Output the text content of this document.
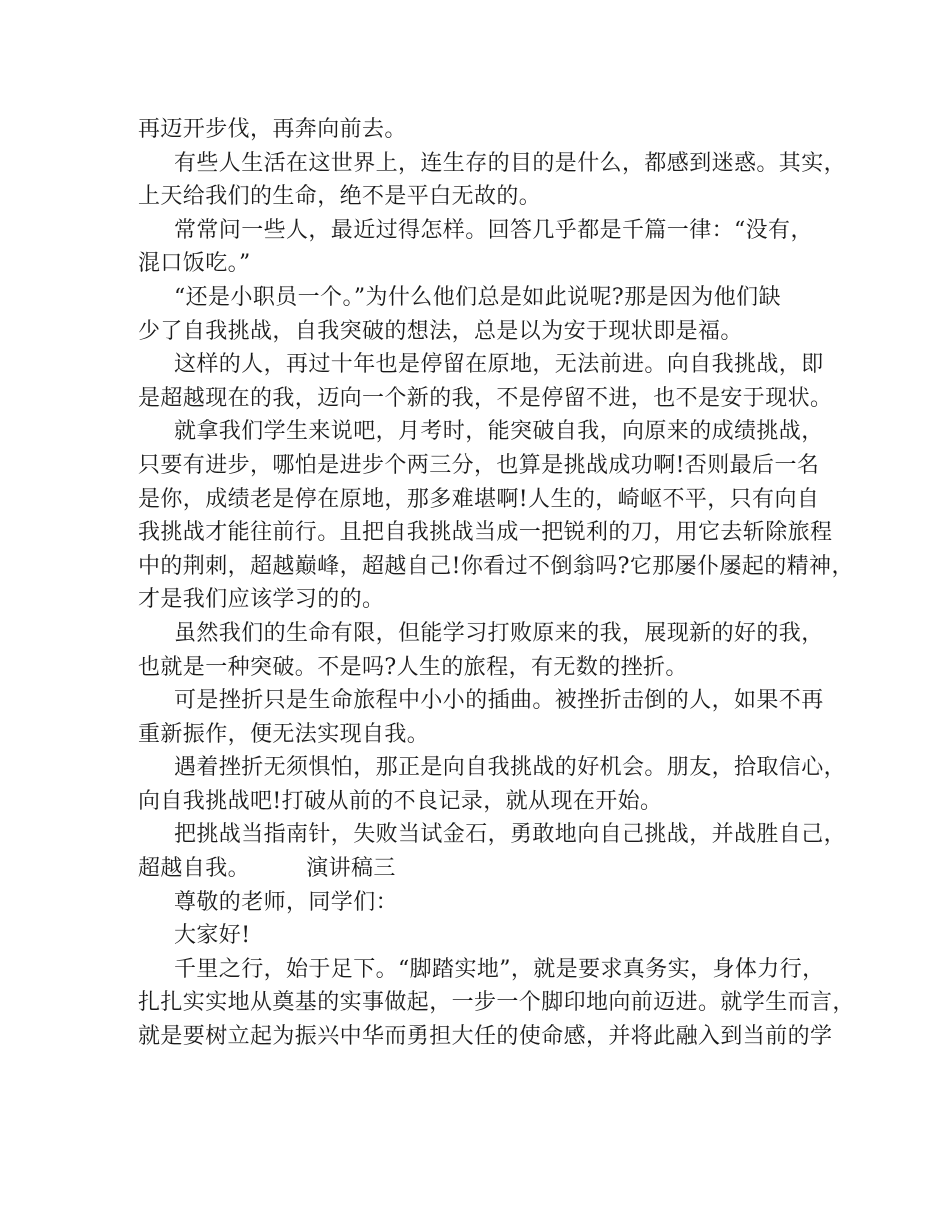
再迈开步伐，再奔向前去。
有些人生活在这世界上，连生存的目的是什么，都感到迷惑。其实，
上天给我们的生命，绝不是平白无故的。
常常问一些人，最近过得怎样。回答几乎都是千篇一律：“没有，
混口饭吃。”
“还是小职员一个。”为什么他们总是如此说呢?那是因为他们缺
少了自我挑战，自我突破的想法，总是以为安于现状即是福。
这样的人，再过十年也是停留在原地，无法前进。向自我挑战，即
是超越现在的我，迈向一个新的我，不是停留不进，也不是安于现状。
就拿我们学生来说吧，月考时，能突破自我，向原来的成绩挑战，
只要有进步，哪怕是进步个两三分，也算是挑战成功啊!否则最后一名
是你，成绩老是停在原地，那多难堪啊!人生的，崎岖不平，只有向自
我挑战才能往前行。且把自我挑战当成一把锐利的刀，用它去斩除旅程
中的荆刺，超越巅峰，超越自己!你看过不倒翁吗?它那屡仆屡起的精神，
才是我们应该学习的的。
虽然我们的生命有限，但能学习打败原来的我，展现新的好的我，
也就是一种突破。不是吗?人生的旅程，有无数的挫折。
可是挫折只是生命旅程中小小的插曲。被挫折击倒的人，如果不再
重新振作，便无法实现自我。
遇着挫折无须惧怕，那正是向自我挑战的好机会。朋友，拾取信心，
向自我挑战吧!打破从前的不良记录，就从现在开始。
把挑战当指南针，失败当试金石，勇敢地向自己挑战，并战胜自己，
超越自我。　　　演讲稿三
尊敬的老师，同学们：
大家好!
千里之行，始于足下。“脚踏实地”，就是要求真务实，身体力行，
扎扎实实地从奠基的实事做起，一步一个脚印地向前迈进。就学生而言，
就是要树立起为振兴中华而勇担大任的使命感，并将此融入到当前的学
